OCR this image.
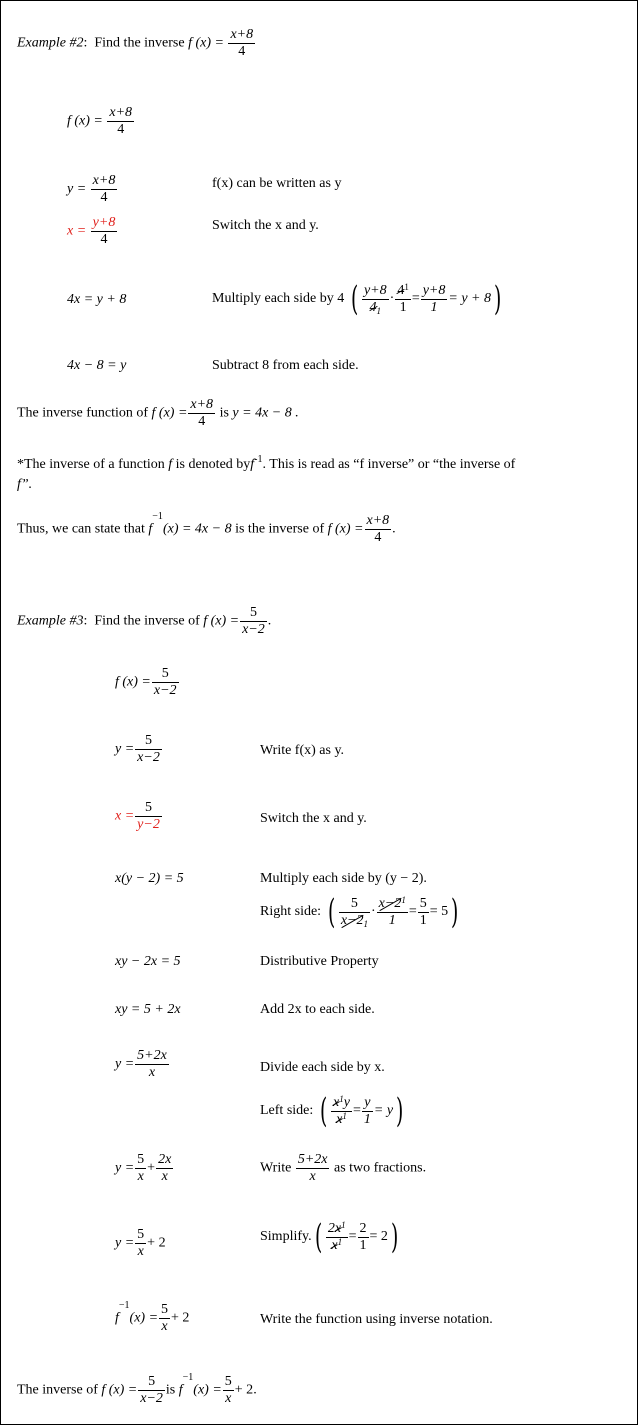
Example #2:  Find the inverse f $(x) = \frac{x+8}{4}$
f $(x) = \frac{x+8}{4}$
$y = \frac{x+8}{4}$	f(x) can be written as y
$x = \frac{y+8}{4}$	Switch the x and y.
4x = y + 8	Multiply each side by 4 ( $\frac{y+8}{4_1} \cdot \frac{4^1}{1} = \frac{y+8}{1} = y + 8$)
4x − 8 = y	Subtract 8 from each side.
The inverse function of f $(x) = \frac{x+8}{4}$ is y = 4x − 8 .
*The inverse of a function f is denoted byf$^{-1}$. This is read as “f inverse” or “the inverse of
f”.
Thus, we can state that $f^{-1}(x) = 4x - 8$ is the inverse of f $(x) = \frac{x+8}{4}$ .
Example #3:  Find the inverse of f $(x) = \frac{5}{x-2}$ .
f $(x) = \frac{5}{x-2}$
$y = \frac{5}{x-2}$	Write f(x) as y.
$x = \frac{5}{y-2}$	Switch the x and y.
x(y − 2) = 5	Multiply each side by (y − 2).
Right side: ( $\frac{5}{x-2_1} \cdot \frac{x-2^1}{1} = \frac{5}{1} = 5$)
xy − 2x = 5	Distributive Property
xy = 5 + 2x	Add 2x to each side.
$y = \frac{5+2x}{x}$	Divide each side by x.
Left side: ( $\frac{x^1y}{x^1} = \frac{y}{1} = y$)
$y = \frac{5}{x} + \frac{2x}{x}$	Write $\frac{5+2x}{x}$ as two fractions.
$y = \frac{5}{x} + 2$	Simplify.( $\frac{2x^1}{x^1} = \frac{2}{1} = 2$)
$f^{-1}(x) = \frac{5}{x} + 2$	Write the function using inverse notation.
The inverse of f $(x) = \frac{5}{x-2}$ is $f^{-1}(x) = \frac{5}{x} + 2$.
